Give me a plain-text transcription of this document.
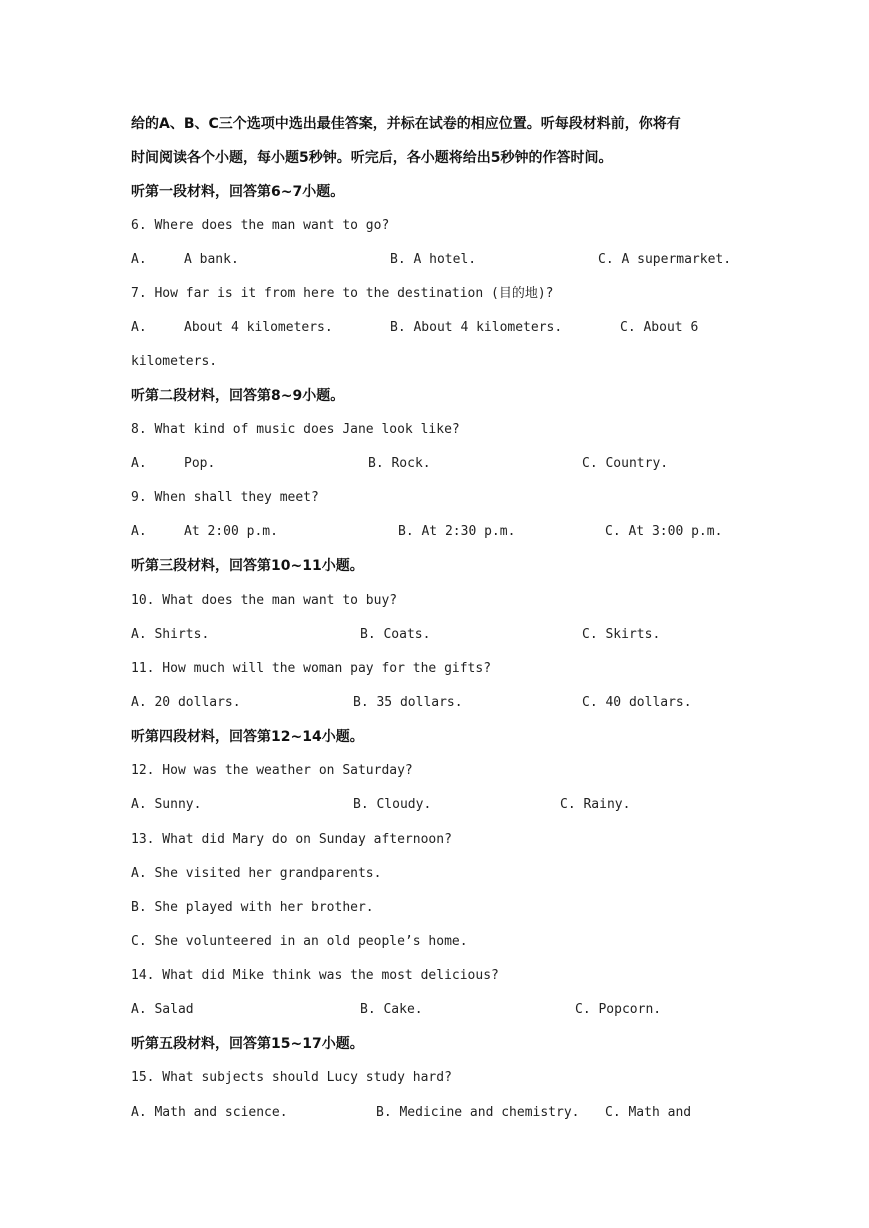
给的A、B、C三个选项中选出最佳答案，并标在试卷的相应位置。听每段材料前，你将有
时间阅读各个小题，每小题5秒钟。听完后，各小题将给出5秒钟的作答时间。
听第一段材料，回答第6~7小题。
6. Where does the man want to go?
A.	A bank.	B. A hotel.	C. A supermarket.
7. How far is it from here to the destination (目的地)?
A.	About 4 kilometers.	B. About 4 kilometers.	C. About 6
kilometers.
听第二段材料，回答第8~9小题。
8. What kind of music does Jane look like?
A.	Pop.	B. Rock.	C. Country.
9. When shall they meet?
A.	At 2:00 p.m.	B. At 2:30 p.m.	C. At 3:00 p.m.
听第三段材料，回答第10~11小题。
10. What does the man want to buy?
A. Shirts.	B. Coats.	C. Skirts.
11. How much will the woman pay for the gifts?
A. 20 dollars.	B. 35 dollars.	C. 40 dollars.
听第四段材料，回答第12~14小题。
12. How was the weather on Saturday?
A. Sunny.	B. Cloudy.	C. Rainy.
13. What did Mary do on Sunday afternoon?
A. She visited her grandparents.
B. She played with her brother.
C. She volunteered in an old people’s home.
14. What did Mike think was the most delicious?
A. Salad	B. Cake.	C. Popcorn.
听第五段材料，回答第15~17小题。
15. What subjects should Lucy study hard?
A. Math and science.	B. Medicine and chemistry. C. Math and
